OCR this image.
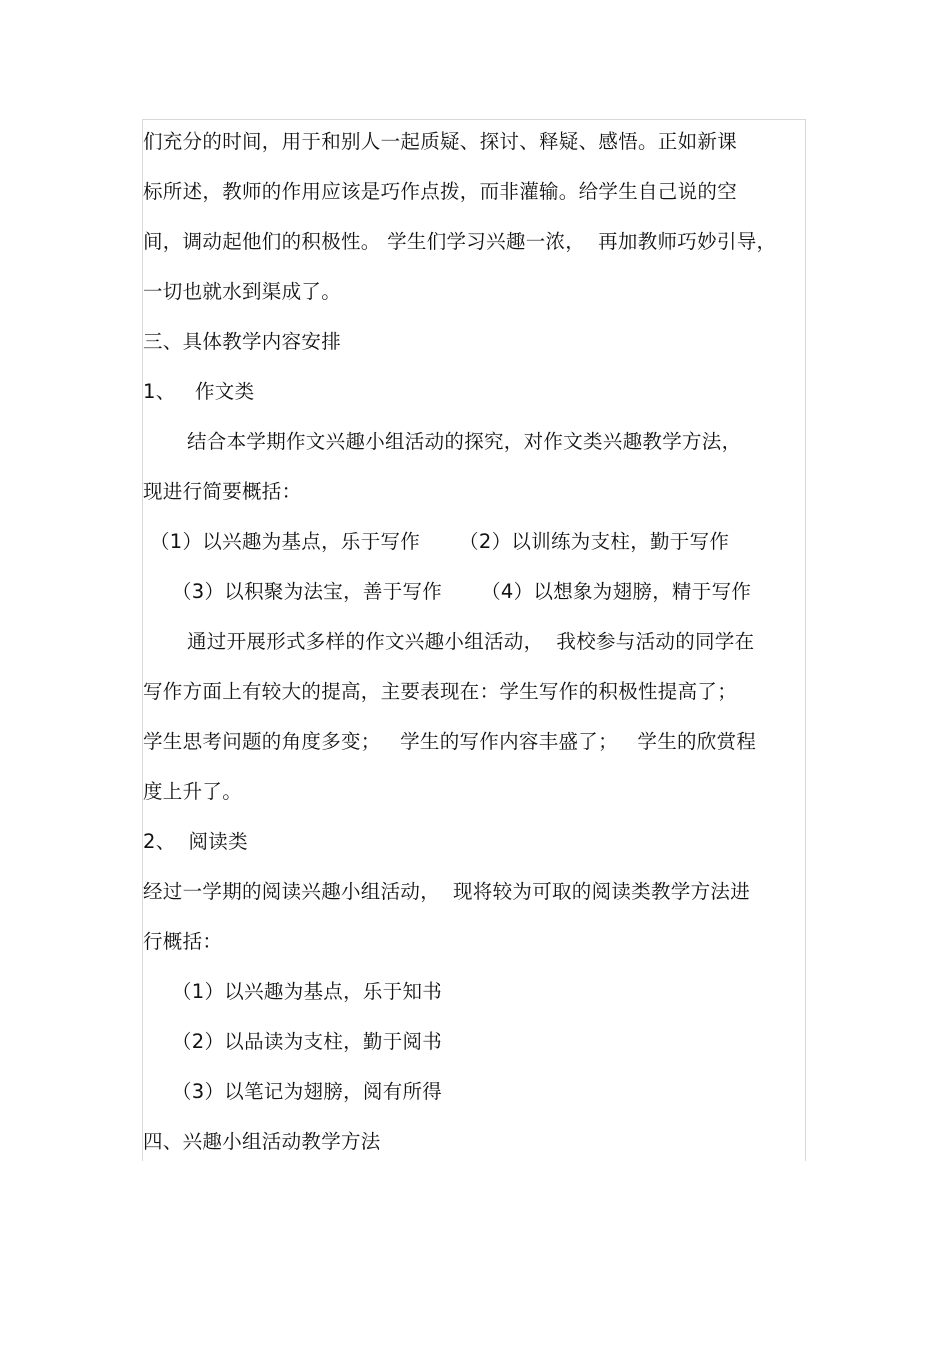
们充分的时间，用于和别人一起质疑、探讨、释疑、感悟。正如新课
标所述，教师的作用应该是巧作点拨，而非灌输。给学生自己说的空
间，调动起他们的积极性。 学生们学习兴趣一浓，  再加教师巧妙引导，
一切也就水到渠成了。
三、具体教学内容安排
1、   作文类
结合本学期作文兴趣小组活动的探究，对作文类兴趣教学方法，
现进行简要概括：
（1）以兴趣为基点，乐于写作      （2）以训练为支柱，勤于写作
（3）以积聚为法宝，善于写作      （4）以想象为翅膀，精于写作
通过开展形式多样的作文兴趣小组活动，  我校参与活动的同学在
写作方面上有较大的提高，主要表现在：学生写作的积极性提高了；
学生思考问题的角度多变；   学生的写作内容丰盛了；   学生的欣赏程
度上升了。
2、  阅读类
经过一学期的阅读兴趣小组活动，  现将较为可取的阅读类教学方法进
行概括：
（1）以兴趣为基点，乐于知书
（2）以品读为支柱，勤于阅书
（3）以笔记为翅膀，阅有所得
四、兴趣小组活动教学方法
